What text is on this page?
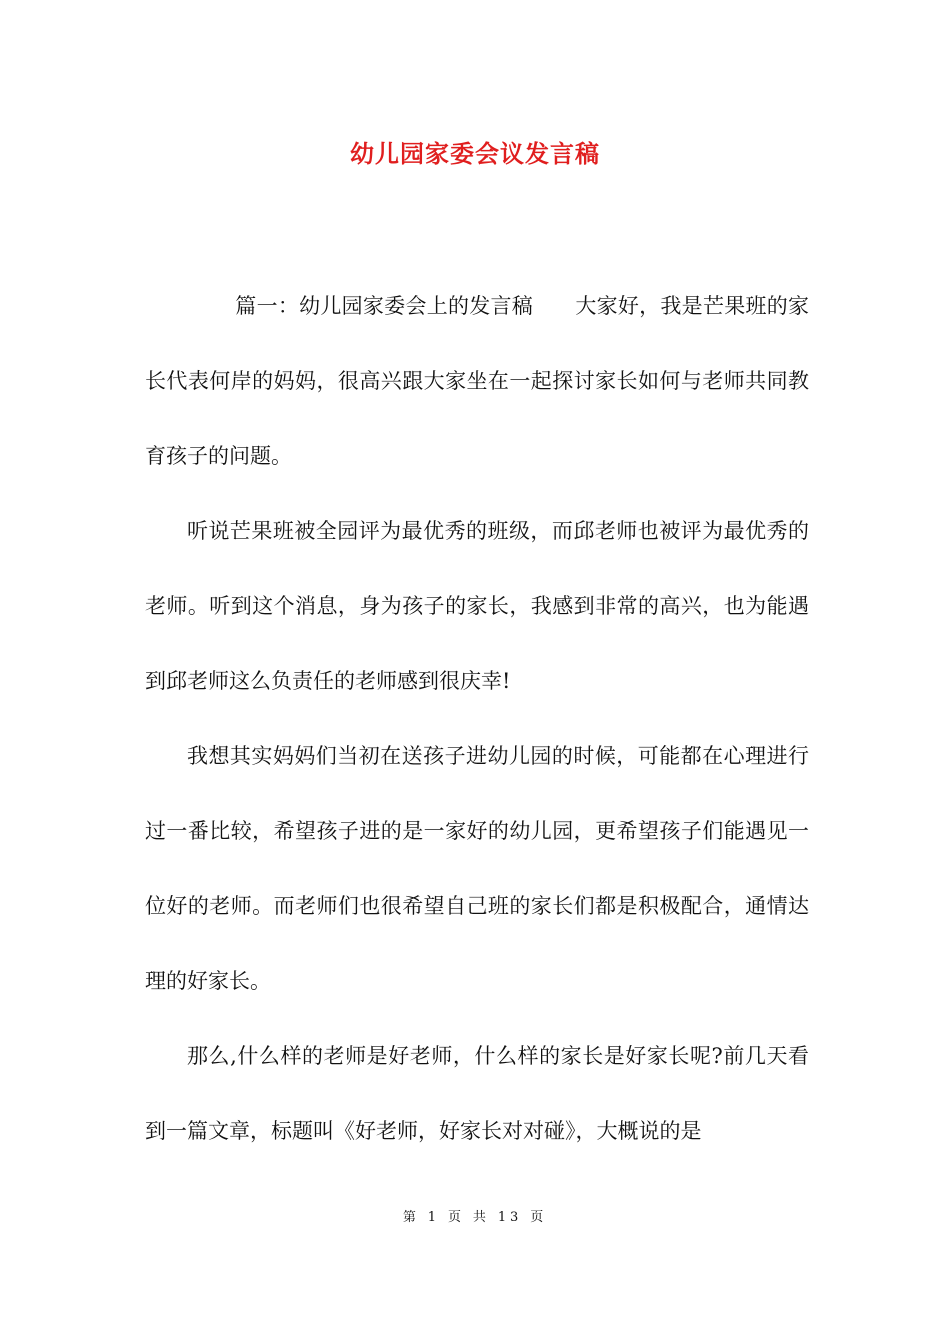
幼儿园家委会议发言稿

篇一：幼儿园家委会上的发言稿 大家好，我是芒果班的家长代表何岸的妈妈，很高兴跟大家坐在一起探讨家长如何与老师共同教育孩子的问题。

听说芒果班被全园评为最优秀的班级，而邱老师也被评为最优秀的老师。听到这个消息，身为孩子的家长，我感到非常的高兴，也为能遇到邱老师这么负责任的老师感到很庆幸!

我想其实妈妈们当初在送孩子进幼儿园的时候，可能都在心理进行过一番比较，希望孩子进的是一家好的幼儿园，更希望孩子们能遇见一位好的老师。而老师们也很希望自己班的家长们都是积极配合，通情达理的好家长。

那么,什么样的老师是好老师，什么样的家长是好家长呢?前几天看到一篇文章，标题叫《好老师，好家长对对碰》，大概说的是

第 1 页 共 13 页
